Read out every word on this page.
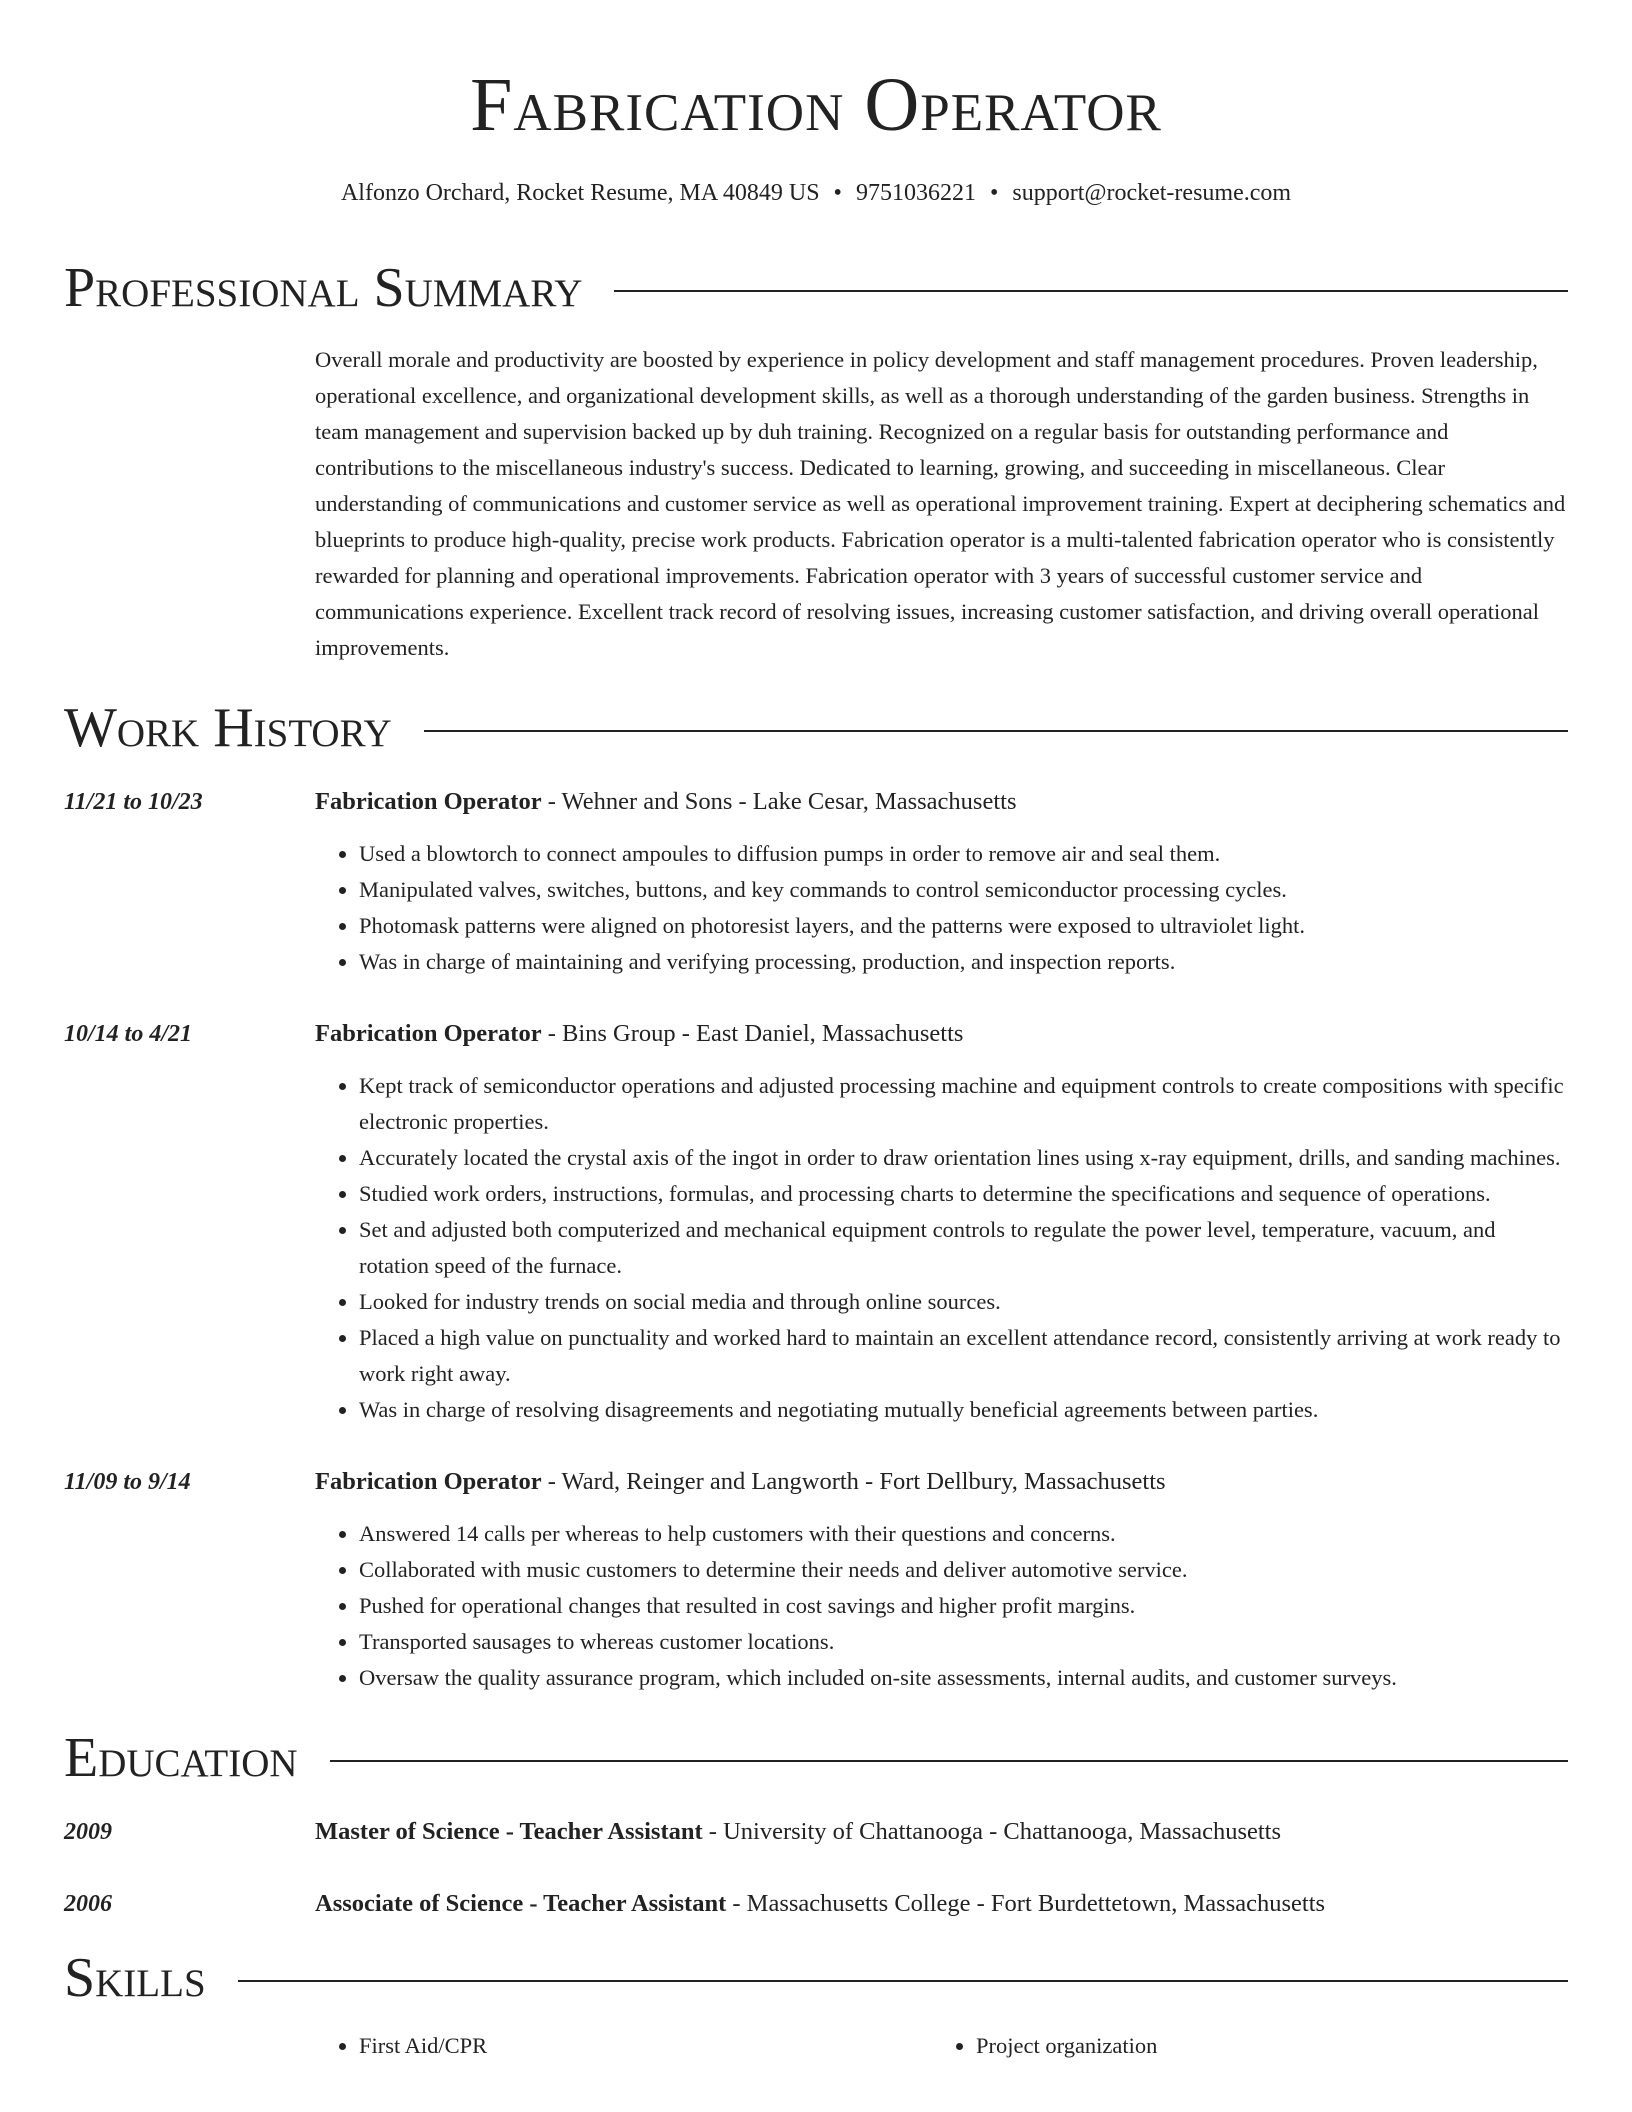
Fabrication Operator
Alfonzo Orchard, Rocket Resume, MA 40849 US • 9751036221 • support@rocket-resume.com
Professional Summary
Overall morale and productivity are boosted by experience in policy development and staff management procedures. Proven leadership, operational excellence, and organizational development skills, as well as a thorough understanding of the garden business. Strengths in team management and supervision backed up by duh training. Recognized on a regular basis for outstanding performance and contributions to the miscellaneous industry's success. Dedicated to learning, growing, and succeeding in miscellaneous. Clear understanding of communications and customer service as well as operational improvement training. Expert at deciphering schematics and blueprints to produce high-quality, precise work products. Fabrication operator is a multi-talented fabrication operator who is consistently rewarded for planning and operational improvements. Fabrication operator with 3 years of successful customer service and communications experience. Excellent track record of resolving issues, increasing customer satisfaction, and driving overall operational improvements.
Work History
11/21 to 10/23	Fabrication Operator - Wehner and Sons - Lake Cesar, Massachusetts
• Used a blowtorch to connect ampoules to diffusion pumps in order to remove air and seal them.
• Manipulated valves, switches, buttons, and key commands to control semiconductor processing cycles.
• Photomask patterns were aligned on photoresist layers, and the patterns were exposed to ultraviolet light.
• Was in charge of maintaining and verifying processing, production, and inspection reports.
10/14 to 4/21	Fabrication Operator - Bins Group - East Daniel, Massachusetts
• Kept track of semiconductor operations and adjusted processing machine and equipment controls to create compositions with specific electronic properties.
• Accurately located the crystal axis of the ingot in order to draw orientation lines using x-ray equipment, drills, and sanding machines.
• Studied work orders, instructions, formulas, and processing charts to determine the specifications and sequence of operations.
• Set and adjusted both computerized and mechanical equipment controls to regulate the power level, temperature, vacuum, and rotation speed of the furnace.
• Looked for industry trends on social media and through online sources.
• Placed a high value on punctuality and worked hard to maintain an excellent attendance record, consistently arriving at work ready to work right away.
• Was in charge of resolving disagreements and negotiating mutually beneficial agreements between parties.
11/09 to 9/14	Fabrication Operator - Ward, Reinger and Langworth - Fort Dellbury, Massachusetts
• Answered 14 calls per whereas to help customers with their questions and concerns.
• Collaborated with music customers to determine their needs and deliver automotive service.
• Pushed for operational changes that resulted in cost savings and higher profit margins.
• Transported sausages to whereas customer locations.
• Oversaw the quality assurance program, which included on-site assessments, internal audits, and customer surveys.
Education
2009	Master of Science - Teacher Assistant - University of Chattanooga - Chattanooga, Massachusetts
2006	Associate of Science - Teacher Assistant - Massachusetts College - Fort Burdettetown, Massachusetts
Skills
• First Aid/CPR
•	Project organization
